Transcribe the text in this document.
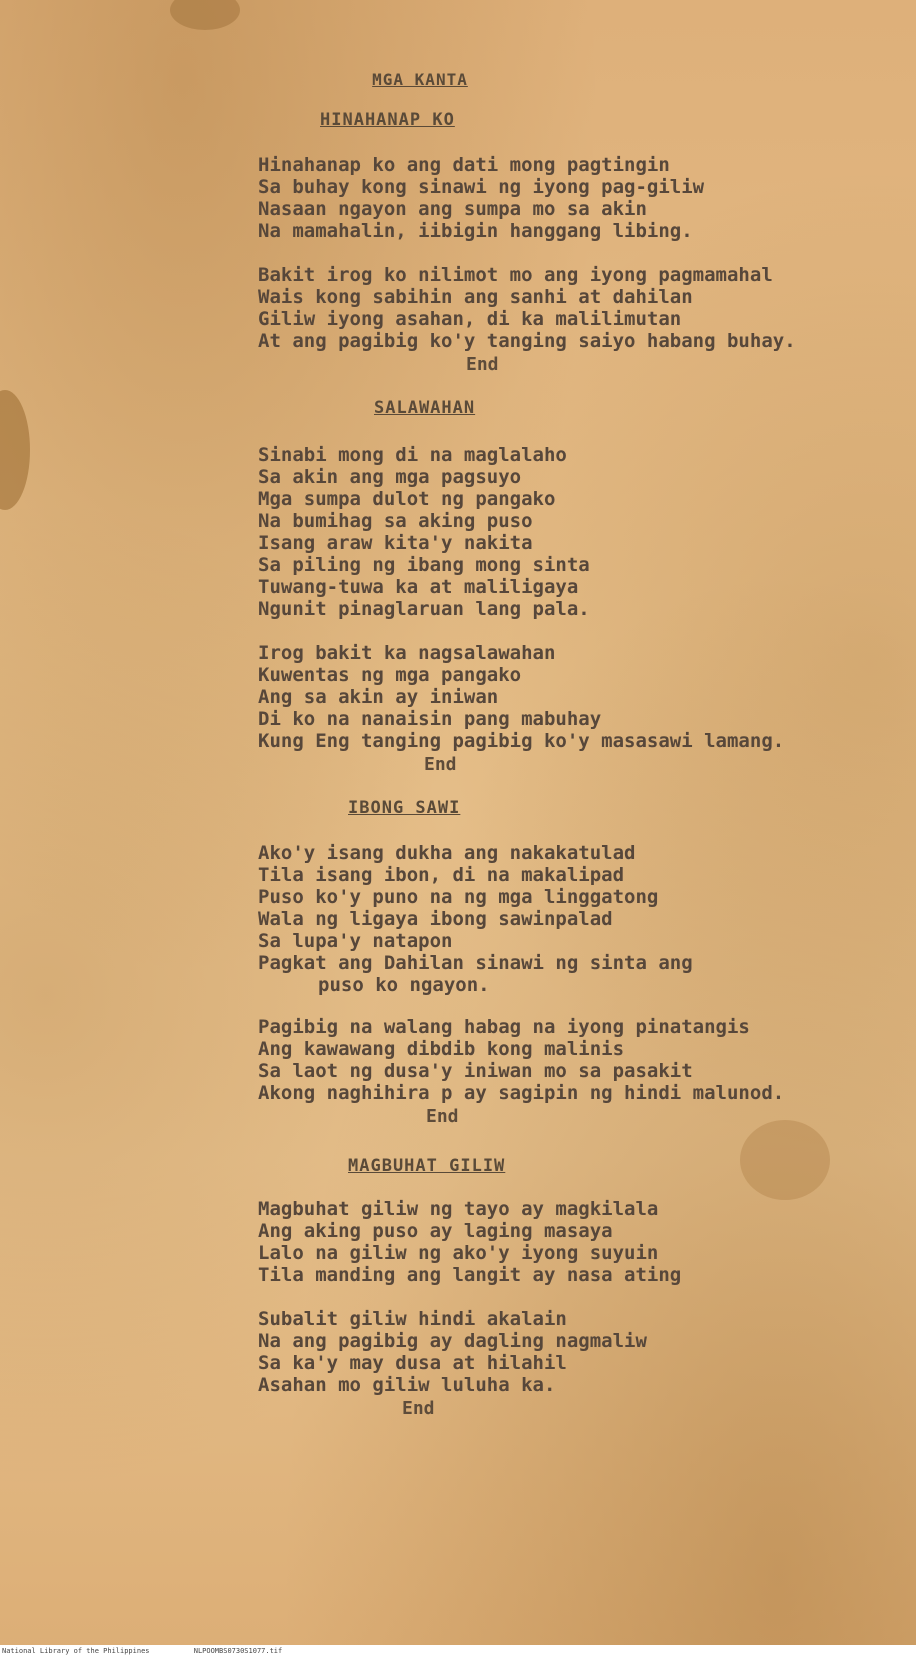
MGA KANTA
HINAHANAP KO
Hinahanap ko ang dati mong pagtingin
Sa buhay kong sinawi ng iyong pag-giliw
Nasaan ngayon ang sumpa mo sa akin
Na mamahalin, iibigin hanggang libing.
Bakit irog ko nilimot mo ang iyong pagmamahal
Wais kong sabihin ang sanhi at dahilan
Giliw iyong asahan, di ka malilimutan
At ang pagibig ko'y tanging saiyo habang buhay.
End
SALAWAHAN
Sinabi mong di na maglalaho
Sa akin ang mga pagsuyo
Mga sumpa dulot ng pangako
Na bumihag sa aking puso
Isang araw kita'y nakita
Sa piling ng ibang mong sinta
Tuwang-tuwa ka at maliligaya
Ngunit pinaglaruan lang pala.
Irog bakit ka nagsalawahan
Kuwentas ng mga pangako
Ang sa akin ay iniwan
Di ko na nanaisin pang mabuhay
Kung Eng tanging pagibig ko'y masasawi lamang.
End
IBONG SAWI
Ako'y isang dukha ang nakakatulad
Tila isang ibon, di na makalipad
Puso ko'y puno na ng mga linggatong
Wala ng ligaya ibong sawinpalad
Sa lupa'y natapon
Pagkat ang Dahilan sinawi ng sinta ang
puso ko ngayon.
Pagibig na walang habag na iyong pinatangis
Ang kawawang dibdib kong malinis
Sa laot ng dusa'y iniwan mo sa pasakit
Akong naghihira p ay sagipin ng hindi malunod.
End
MAGBUHAT GILIW
Magbuhat giliw ng tayo ay magkilala
Ang aking puso ay laging masaya
Lalo na giliw ng ako'y iyong suyuin
Tila manding ang langit ay nasa ating
Subalit giliw hindi akalain
Na ang pagibig ay dagling nagmaliw
Sa ka'y may dusa at hilahil
Asahan mo giliw luluha ka.
End
National Library of the Philippines	NLPOOMBS0730S1077.tif
